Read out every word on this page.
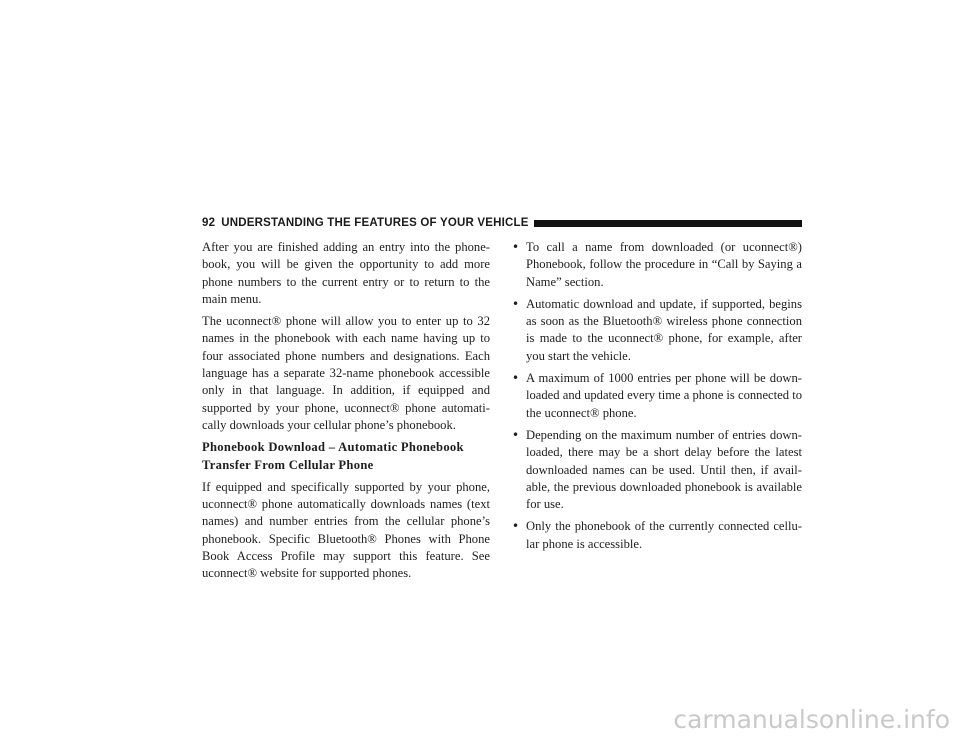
92 UNDERSTANDING THE FEATURES OF YOUR VEHICLE

After you are finished adding an entry into the phone-book, you will be given the opportunity to add more phone numbers to the current entry or to return to the main menu.

The uconnect® phone will allow you to enter up to 32 names in the phonebook with each name having up to four associated phone numbers and designations. Each language has a separate 32-name phonebook accessible only in that language. In addition, if equipped and supported by your phone, uconnect® phone automati-cally downloads your cellular phone’s phonebook.

Phonebook Download – Automatic Phonebook Transfer From Cellular Phone

If equipped and specifically supported by your phone, uconnect® phone automatically downloads names (text names) and number entries from the cellular phone’s phonebook. Specific Bluetooth® Phones with Phone Book Access Profile may support this feature. See uconnect® website for supported phones.

• To call a name from downloaded (or uconnect®) Phonebook, follow the procedure in “Call by Saying a Name” section.
• Automatic download and update, if supported, begins as soon as the Bluetooth® wireless phone connection is made to the uconnect® phone, for example, after you start the vehicle.
• A maximum of 1000 entries per phone will be down-loaded and updated every time a phone is connected to the uconnect® phone.
• Depending on the maximum number of entries down-loaded, there may be a short delay before the latest downloaded names can be used. Until then, if avail-able, the previous downloaded phonebook is available for use.
• Only the phonebook of the currently connected cellu-lar phone is accessible.
carmanualsonline.info
